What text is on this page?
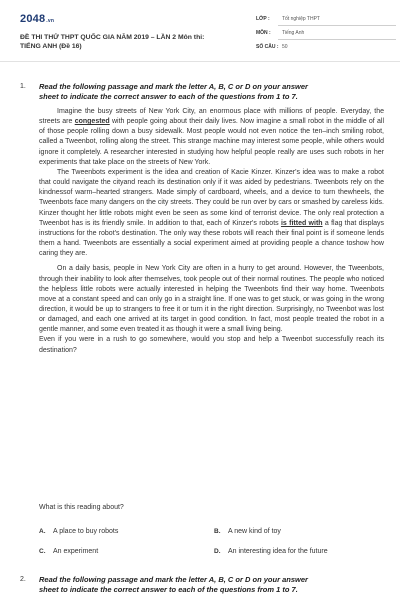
2048.vn
ĐỀ THI THỬ THPT QUỐC GIA NĂM 2019 – LẦN 2 Môn thi:
TIẾNG ANH (Đề 16)
LỚP : Tốt nghiệp THPT
MÔN : Tiếng Anh
SỐ CÂU : 50
1. Read the following passage and mark the letter A, B, C or D on your answer
sheet to indicate the correct answer to each of the questions from 1 to 7.

Imagine the busy streets of New York City, an enormous place with millions of people. Everyday, the streets are congested with people going about their daily lives. Now imagine a small robot in the middle of all of those people rolling down a busy sidewalk. Most people would not even notice the ten–inch smiling robot, called a Tweenbot, rolling along the street. This strange machine may interest some people, while others would ignore it completely. A researcher interested in studying how helpful people really are uses such robots in her experiments that take place on the streets of New York.

The Tweenbots experiment is the idea and creation of Kacie Kinzer. Kinzer's idea was to make a robot that could navigate the cityand reach its destination only if it was aided by pedestrians. Tweenbots rely on the kindnessof warm–hearted strangers. Made simply of cardboard, wheels, and a device to turn thewheels, the Tweenbots face many dangers on the city streets. They could be run over by cars or smashed by careless kids. Kinzer thought her little robots might even be seen as some kind of terrorist device. The only real protection a Tweenbot has is its friendly smile. In addition to that, each of Kinzer's robots is fitted with a flag that displays instructions for the robot's destination. The only way these robots will reach their final point is if someone lends them a hand. Tweenbots are essentially a social experiment aimed at providing people a chance toshow how caring they are.

On a daily basis, people in New York City are often in a hurry to get around. However, the Tweenbots, through their inability to look after themselves, took people out of their normal routines. The people who noticed the helpless little robots were actually interested in helping the Tweenbots find their way home. Tweenbots move at a constant speed and can only go in a straight line. If one was to get stuck, or was going in the wrong direction, it would be up to strangers to free it or turn it in the right direction. Surprisingly, no Tweenbot was lost or damaged, and each one arrived at its target in good condition. In fact, most people treated the robot in a gentle manner, and some even treated it as though it were a small living being.

Even if you were in a rush to go somewhere, would you stop and help a Tweenbot successfully reach its destination?

What is this reading about?
A. A place to buy robots	B. A new kind of toy
C. An experiment	D. An interesting idea for the future
2. Read the following passage and mark the letter A, B, C or D on your answer
sheet to indicate the correct answer to each of the questions from 1 to 7.
